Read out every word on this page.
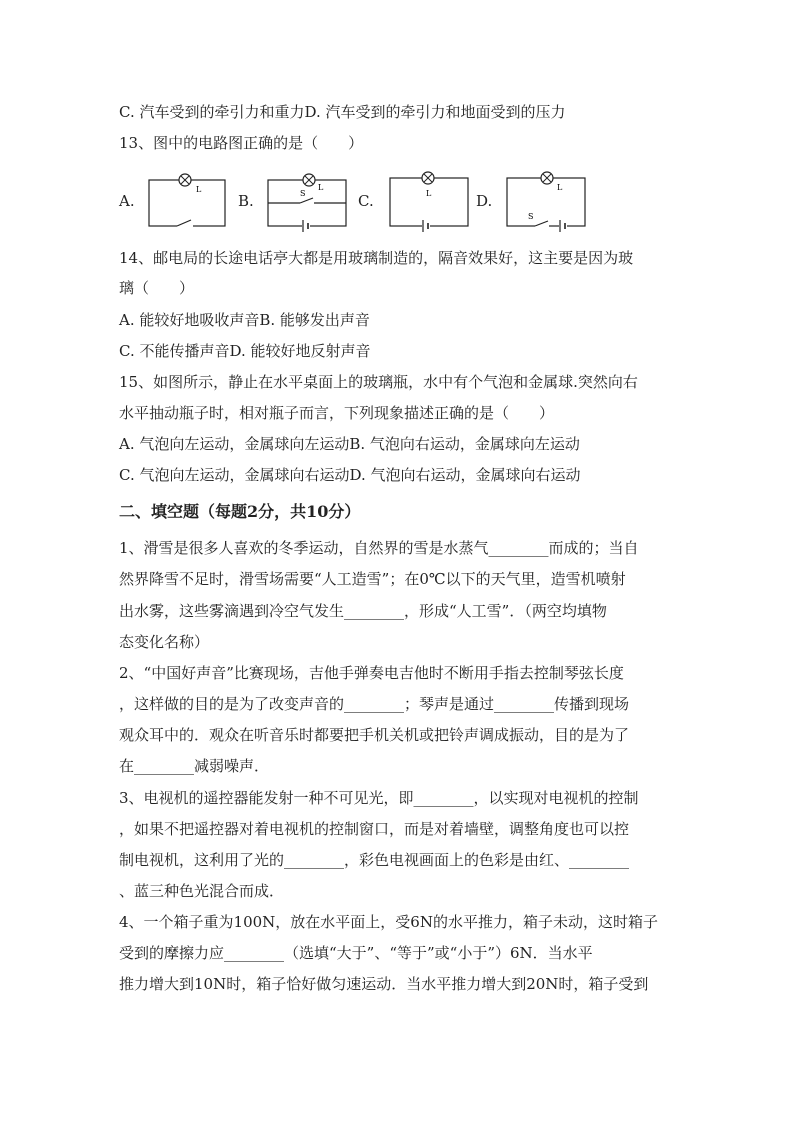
C. 汽车受到的牵引力和重力D. 汽车受到的牵引力和地面受到的压力
13、图中的电路图正确的是（　　）
A.
L
B.
L
S	C.	L	D.
L
S
14、邮电局的长途电话亭大都是用玻璃制造的，隔音效果好，这主要是因为玻
璃（　　）
A. 能较好地吸收声音B. 能够发出声音
C. 不能传播声音D. 能较好地反射声音
15、如图所示，静止在水平桌面上的玻璃瓶，水中有个气泡和金属球.突然向右
水平抽动瓶子时，相对瓶子而言，下列现象描述正确的是（　　）
A. 气泡向左运动，金属球向左运动B. 气泡向右运动，金属球向左运动
C. 气泡向左运动，金属球向右运动D. 气泡向右运动，金属球向右运动
二、填空题（每题2分，共10分）
1、滑雪是很多人喜欢的冬季运动，自然界的雪是水蒸气________而成的；当自
然界降雪不足时，滑雪场需要“人工造雪”；在0℃以下的天气里，造雪机喷射
出水雾，这些雾滴遇到冷空气发生________，形成“人工雪”．（两空均填物
态变化名称）
2、“中国好声音”比赛现场，吉他手弹奏电吉他时不断用手指去控制琴弦长度
，这样做的目的是为了改变声音的________；琴声是通过________传播到现场
观众耳中的．观众在听音乐时都要把手机关机或把铃声调成振动，目的是为了
在________减弱噪声．
3、电视机的遥控器能发射一种不可见光，即________，以实现对电视机的控制
，如果不把遥控器对着电视机的控制窗口，而是对着墙壁，调整角度也可以控
制电视机，这利用了光的________，彩色电视画面上的色彩是由红、________
、蓝三种色光混合而成．
4、一个箱子重为100N，放在水平面上，受6N的水平推力，箱子未动，这时箱子
受到的摩擦力应________（选填“大于”、“等于”或“小于”）6N．当水平
推力增大到10N时，箱子恰好做匀速运动．当水平推力增大到20N时，箱子受到
